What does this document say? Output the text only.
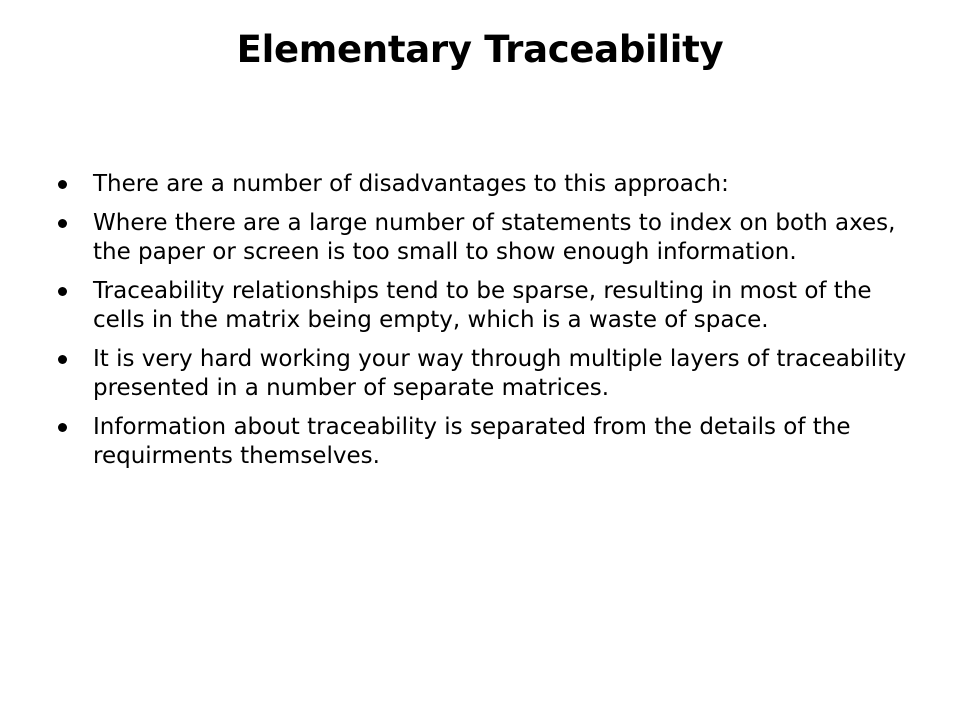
Elementary Traceability
There are a number of disadvantages to this approach:
Where there are a large number of statements to index on both axes, the paper or screen is too small to show enough information.
Traceability relationships tend to be sparse, resulting in most of the cells in the matrix being empty, which is a waste of space.
It is very hard working your way through multiple layers of traceability presented in a number of separate matrices.
Information about traceability is separated from the details of the requirments themselves.
